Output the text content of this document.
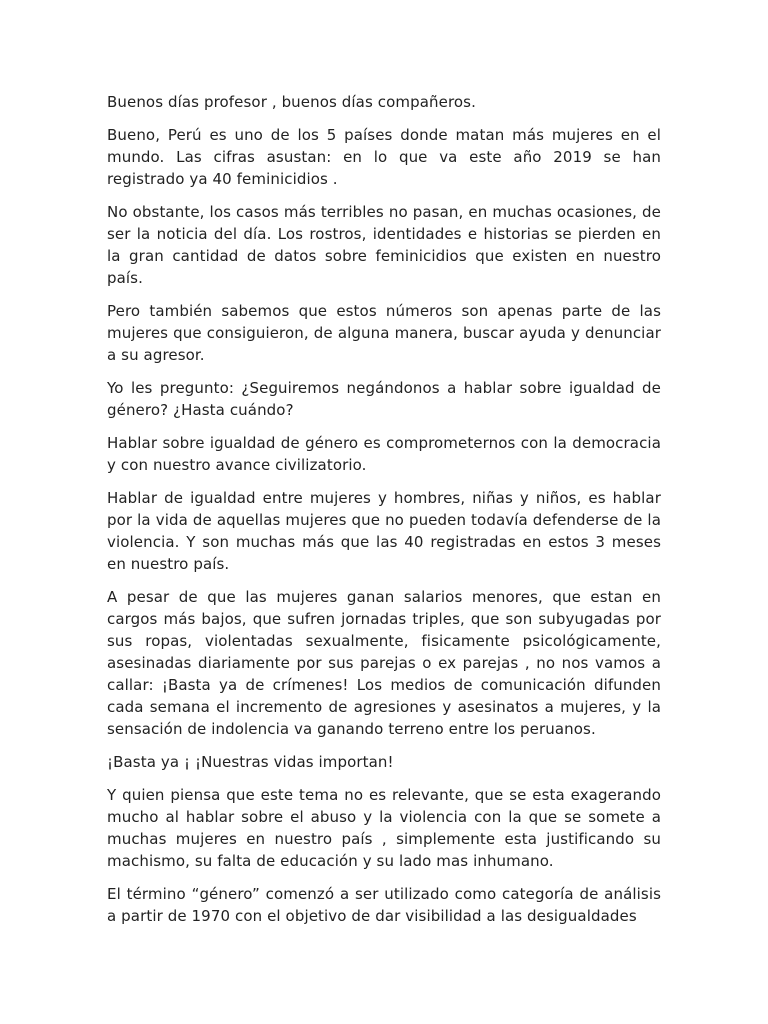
Buenos días profesor , buenos días compañeros.

Bueno, Perú es uno de los 5 países donde matan más mujeres en el mundo. Las cifras asustan: en lo que va este año 2019 se han registrado ya 40 feminicidios .

No obstante, los casos más terribles no pasan, en muchas ocasiones, de ser la noticia del día. Los rostros, identidades e historias se pierden en la gran cantidad de datos sobre feminicidios que existen en nuestro país.

Pero también sabemos que estos números son apenas parte de las mujeres que consiguieron, de alguna manera, buscar ayuda y denunciar a su agresor.

Yo les pregunto: ¿Seguiremos negándonos a hablar sobre igualdad de género? ¿Hasta cuándo?

Hablar sobre igualdad de género es comprometernos con la democracia y con nuestro avance civilizatorio.

Hablar de igualdad entre mujeres y hombres, niñas y niños, es hablar por la vida de aquellas mujeres que no pueden todavía defenderse de la violencia. Y son muchas más que las 40 registradas en estos 3 meses en nuestro país.

A pesar de que las mujeres ganan salarios menores, que estan en cargos más bajos, que sufren jornadas triples, que son subyugadas por sus ropas, violentadas sexualmente, fisicamente psicológicamente, asesinadas diariamente por sus parejas o ex parejas , no nos vamos a callar: ¡Basta ya de crímenes! Los medios de comunicación difunden cada semana el incremento de agresiones y asesinatos a mujeres, y la sensación de indolencia va ganando terreno entre los peruanos.

¡Basta ya ¡ ¡Nuestras vidas importan!

Y quien piensa que este tema no es relevante, que se esta exagerando mucho al hablar sobre el abuso y la violencia con la que se somete a muchas mujeres en nuestro país , simplemente esta justificando su machismo, su falta de educación y su lado mas inhumano.

El término “género” comenzó a ser utilizado como categoría de análisis a partir de 1970 con el objetivo de dar visibilidad a las desigualdades
